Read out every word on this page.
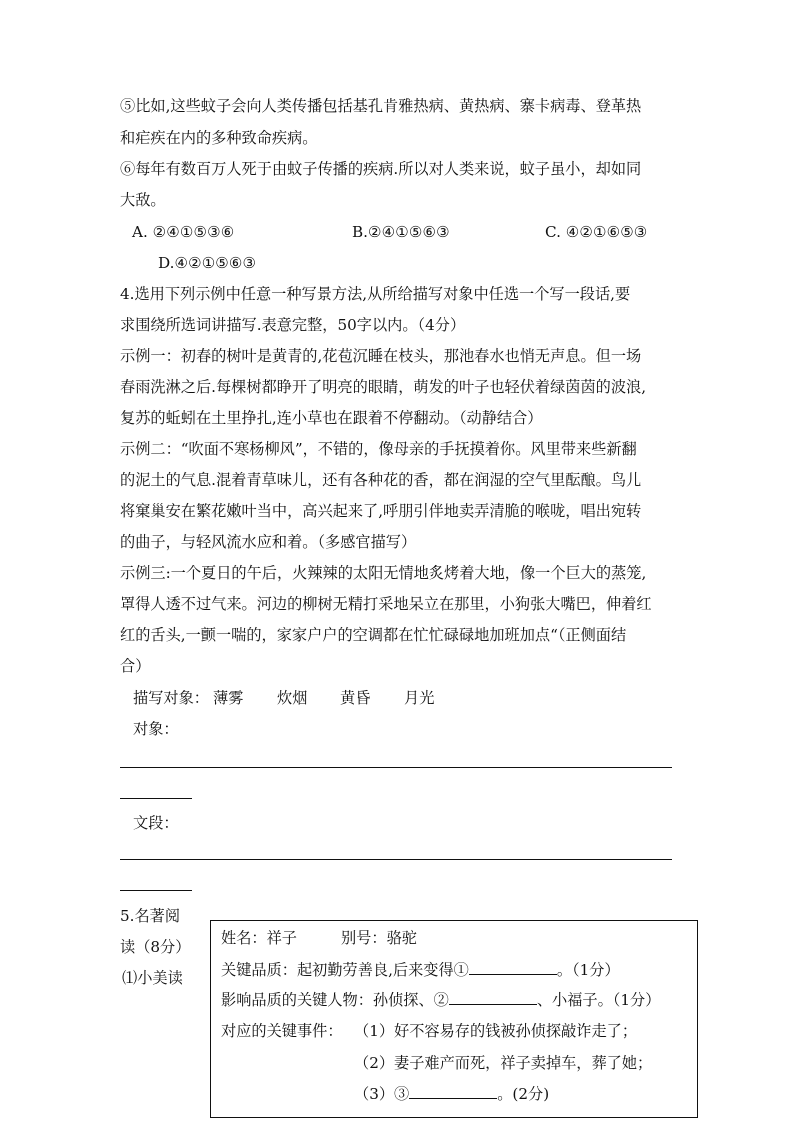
⑤比如,这些蚊子会向人类传播包括基孔肯雅热病、黄热病、寨卡病毒、登革热
和疟疾在内的多种致命疾病。
⑥每年有数百万人死于由蚊子传播的疾病.所以对人类来说，蚊子虽小，却如同
大敌。
A. ②④①⑤③⑥	B.②④①⑤⑥③	C. ④②①⑥⑤③
D.④②①⑤⑥③
4.选用下列示例中任意一种写景方法,从所给描写对象中任选一个写一段话,要
求围绕所选词讲描写.表意完整，50字以内。（4分）
示例一：初春的树叶是黄青的,花苞沉睡在枝头，那池春水也悄无声息。但一场
春雨洗淋之后.每棵树都睁开了明亮的眼睛，萌发的叶子也轻伏着绿茵茵的波浪,
复苏的蚯蚓在土里挣扎,连小草也在跟着不停翻动。（动静结合）
示例二：“吹面不寒杨柳风”，不错的，像母亲的手抚摸着你。风里带来些新翻
的泥土的气息.混着青草味儿，还有各种花的香，都在润湿的空气里酝酿。鸟儿
将窠巢安在繁花嫩叶当中，高兴起来了,呼朋引伴地卖弄清脆的喉咙，唱出宛转
的曲子，与轻风流水应和着。（多感官描写）
示例三:一个夏日的午后，火辣辣的太阳无情地炙烤着大地，像一个巨大的蒸笼,
罩得人透不过气来。河边的柳树无精打采地呆立在那里，小狗张大嘴巴，伸着红
红的舌头,一颤一喘的，家家户户的空调都在忙忙碌碌地加班加点“（正侧面结
合）
描写对象：	炊烟 黄昏 月光
薄雾
对象：
文段：
5.名著阅
读（8分）
⑴小美读
姓名：祥子	别号：骆驼
关键品质：起初勤劳善良,后来变得①	。（1分）
影响品质的关键人物：孙侦探、②	、小福子。（1分）
对应的关键事件： （1）好不容易存的钱被孙侦探敲诈走了；
（2）妻子难产而死，祥子卖掉车，葬了她；
（3）③	。(2分)
